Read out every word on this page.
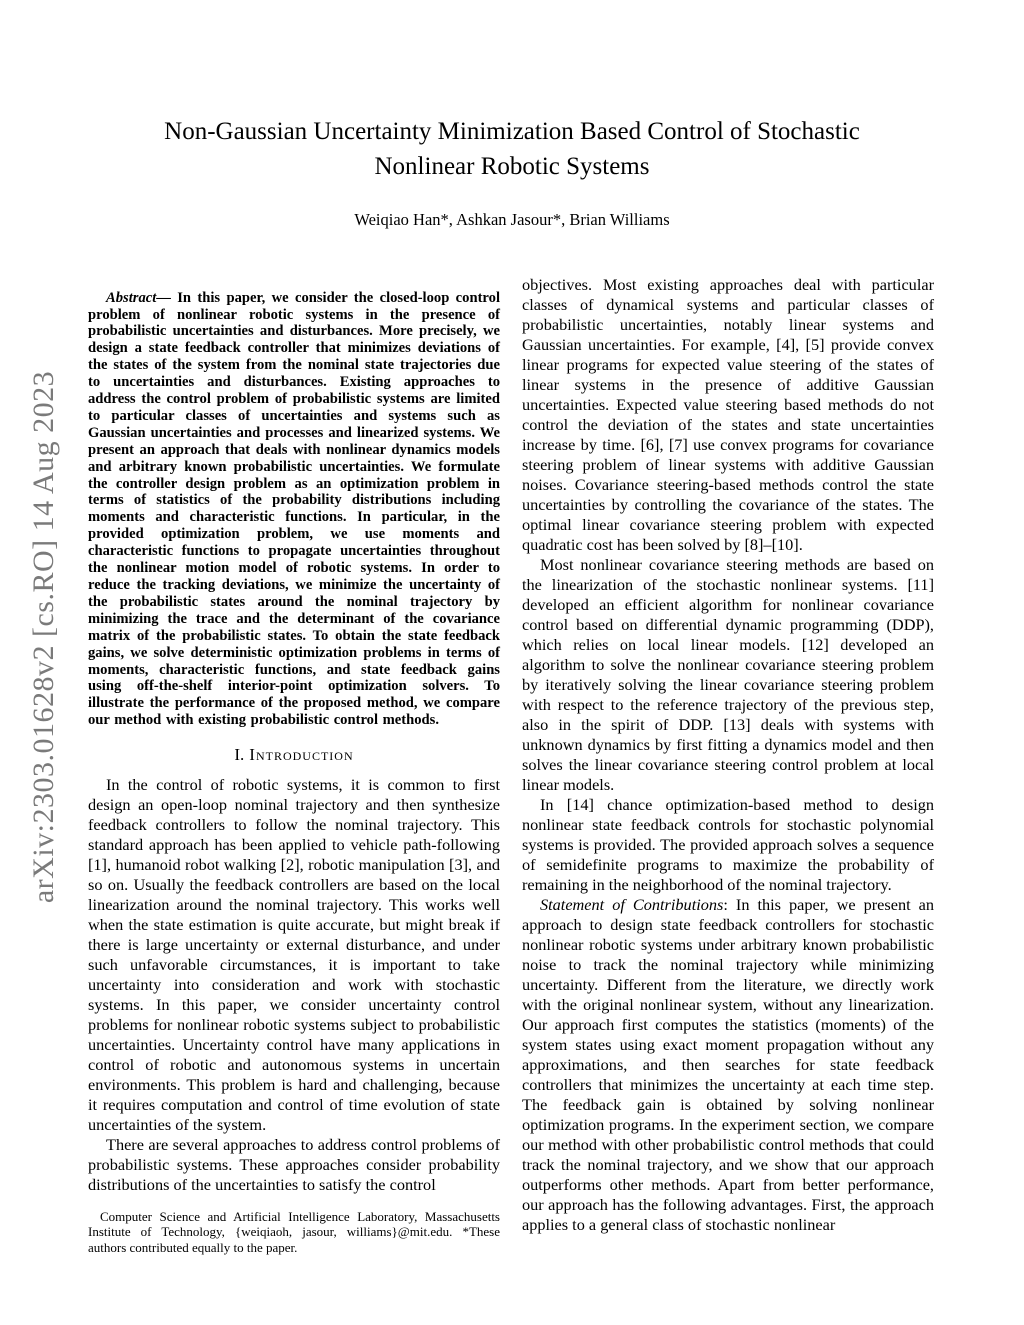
arXiv:2303.01628v2 [cs.RO] 14 Aug 2023
Non-Gaussian Uncertainty Minimization Based Control of Stochastic Nonlinear Robotic Systems
Weiqiao Han*, Ashkan Jasour*, Brian Williams

Abstract— In this paper, we consider the closed-loop control problem of nonlinear robotic systems in the presence of probabilistic uncertainties and disturbances. More precisely, we design a state feedback controller that minimizes deviations of the states of the system from the nominal state trajectories due to uncertainties and disturbances. Existing approaches to address the control problem of probabilistic systems are limited to particular classes of uncertainties and systems such as Gaussian uncertainties and processes and linearized systems. We present an approach that deals with nonlinear dynamics models and arbitrary known probabilistic uncertainties. We formulate the controller design problem as an optimization problem in terms of statistics of the probability distributions including moments and characteristic functions. In particular, in the provided optimization problem, we use moments and characteristic functions to propagate uncertainties throughout the nonlinear motion model of robotic systems. In order to reduce the tracking deviations, we minimize the uncertainty of the probabilistic states around the nominal trajectory by minimizing the trace and the determinant of the covariance matrix of the probabilistic states. To obtain the state feedback gains, we solve deterministic optimization problems in terms of moments, characteristic functions, and state feedback gains using off-the-shelf interior-point optimization solvers. To illustrate the performance of the proposed method, we compare our method with existing probabilistic control methods.

I. Introduction

In the control of robotic systems, it is common to first design an open-loop nominal trajectory and then synthesize feedback controllers to follow the nominal trajectory. This standard approach has been applied to vehicle path-following [1], humanoid robot walking [2], robotic manipulation [3], and so on. Usually the feedback controllers are based on the local linearization around the nominal trajectory. This works well when the state estimation is quite accurate, but might break if there is large uncertainty or external disturbance, and under such unfavorable circumstances, it is important to take uncertainty into consideration and work with stochastic systems. In this paper, we consider uncertainty control problems for nonlinear robotic systems subject to probabilistic uncertainties. Uncertainty control have many applications in control of robotic and autonomous systems in uncertain environments. This problem is hard and challenging, because it requires computation and control of time evolution of state uncertainties of the system.

There are several approaches to address control problems of probabilistic systems. These approaches consider probability distributions of the uncertainties to satisfy the control

Computer Science and Artificial Intelligence Laboratory, Massachusetts Institute of Technology, {weiqiaoh, jasour, williams}@mit.edu. *These authors contributed equally to the paper.

objectives. Most existing approaches deal with particular classes of dynamical systems and particular classes of probabilistic uncertainties, notably linear systems and Gaussian uncertainties. For example, [4], [5] provide convex linear programs for expected value steering of the states of linear systems in the presence of additive Gaussian uncertainties. Expected value steering based methods do not control the deviation of the states and state uncertainties increase by time. [6], [7] use convex programs for covariance steering problem of linear systems with additive Gaussian noises. Covariance steering-based methods control the state uncertainties by controlling the covariance of the states. The optimal linear covariance steering problem with expected quadratic cost has been solved by [8]–[10].

Most nonlinear covariance steering methods are based on the linearization of the stochastic nonlinear systems. [11] developed an efficient algorithm for nonlinear covariance control based on differential dynamic programming (DDP), which relies on local linear models. [12] developed an algorithm to solve the nonlinear covariance steering problem by iteratively solving the linear covariance steering problem with respect to the reference trajectory of the previous step, also in the spirit of DDP. [13] deals with systems with unknown dynamics by first fitting a dynamics model and then solves the linear covariance steering control problem at local linear models.

In [14] chance optimization-based method to design nonlinear state feedback controls for stochastic polynomial systems is provided. The provided approach solves a sequence of semidefinite programs to maximize the probability of remaining in the neighborhood of the nominal trajectory.

Statement of Contributions: In this paper, we present an approach to design state feedback controllers for stochastic nonlinear robotic systems under arbitrary known probabilistic noise to track the nominal trajectory while minimizing uncertainty. Different from the literature, we directly work with the original nonlinear system, without any linearization. Our approach first computes the statistics (moments) of the system states using exact moment propagation without any approximations, and then searches for state feedback controllers that minimizes the uncertainty at each time step. The feedback gain is obtained by solving nonlinear optimization programs. In the experiment section, we compare our method with other probabilistic control methods that could track the nominal trajectory, and we show that our approach outperforms other methods. Apart from better performance, our approach has the following advantages. First, the approach applies to a general class of stochastic nonlinear
